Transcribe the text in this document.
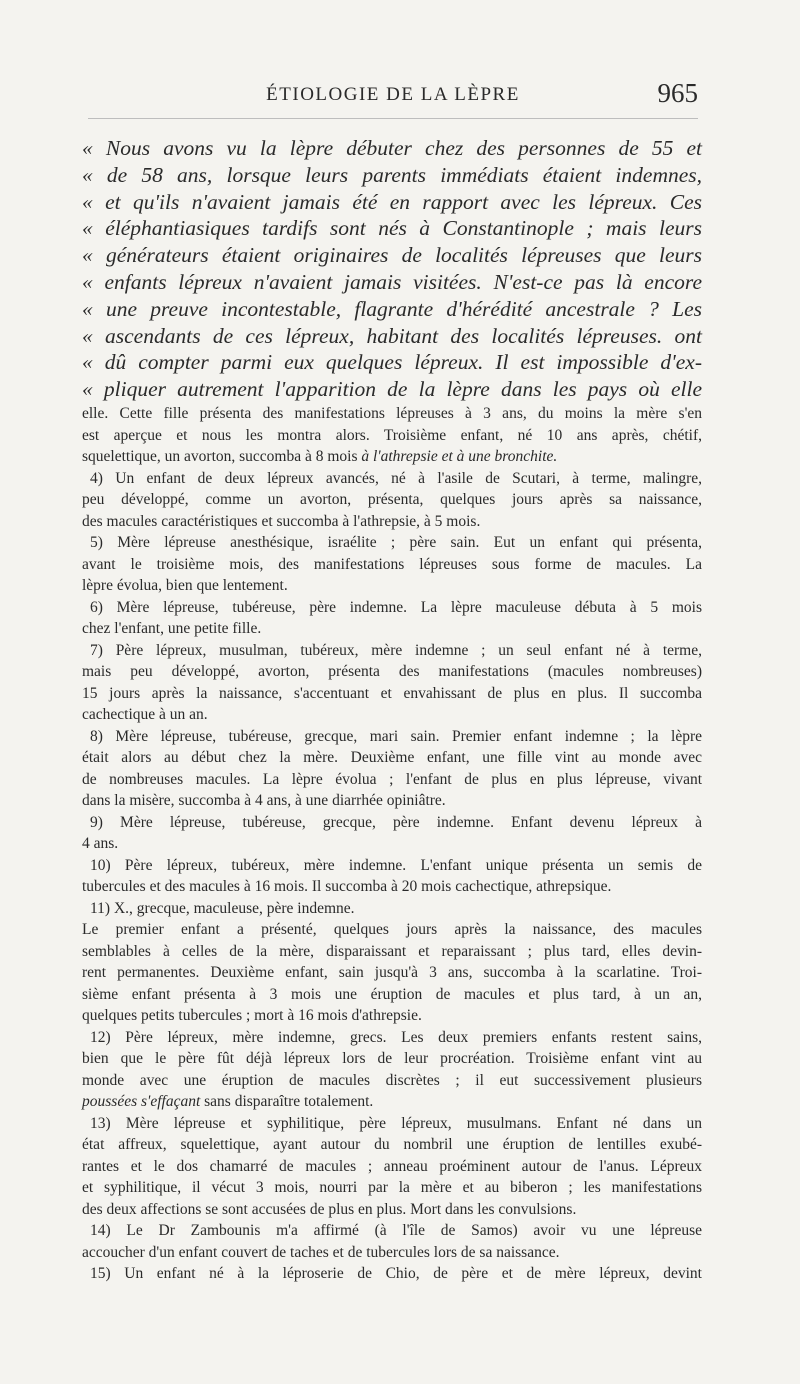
ÉTIOLOGIE DE LA LÈPRE	965
« Nous avons vu la lèpre débuter chez des personnes de 55 et
« de 58 ans, lorsque leurs parents immédiats étaient indemnes,
« et qu'ils n'avaient jamais été en rapport avec les lépreux. Ces
« éléphantiasiques tardifs sont nés à Constantinople ; mais leurs
« générateurs étaient originaires de localités lépreuses que leurs
« enfants lépreux n'avaient jamais visitées. N'est-ce pas là encore
« une preuve incontestable, flagrante d'hérédité ancestrale ? Les
« ascendants de ces lépreux, habitant des localités lépreuses. ont
« dû compter parmi eux quelques lépreux. Il est impossible d'ex-
« pliquer autrement l'apparition de la lèpre dans les pays où elle
elle. Cette fille présenta des manifestations lépreuses à 3 ans, du moins la mère s'en
est aperçue et nous les montra alors. Troisième enfant, né 10 ans après, chétif,
squelettique, un avorton, succomba à 8 mois à l'athrepsie et à une bronchite.
4) Un enfant de deux lépreux avancés, né à l'asile de Scutari, à terme, malingre,
peu développé, comme un avorton, présenta, quelques jours après sa naissance,
des macules caractéristiques et succomba à l'athrepsie, à 5 mois.
5) Mère lépreuse anesthésique, israélite ; père sain. Eut un enfant qui présenta,
avant le troisième mois, des manifestations lépreuses sous forme de macules. La
lèpre évolua, bien que lentement.
6) Mère lépreuse, tubéreuse, père indemne. La lèpre maculeuse débuta à 5 mois
chez l'enfant, une petite fille.
7) Père lépreux, musulman, tubéreux, mère indemne ; un seul enfant né à terme,
mais peu développé, avorton, présenta des manifestations (macules nombreuses)
15 jours après la naissance, s'accentuant et envahissant de plus en plus. Il succomba
cachectique à un an.
8) Mère lépreuse, tubéreuse, grecque, mari sain. Premier enfant indemne ; la lèpre
était alors au début chez la mère. Deuxième enfant, une fille vint au monde avec
de nombreuses macules. La lèpre évolua ; l'enfant de plus en plus lépreuse, vivant
dans la misère, succomba à 4 ans, à une diarrhée opiniâtre.
9) Mère lépreuse, tubéreuse, grecque, père indemne. Enfant devenu lépreux à
4 ans.
10) Père lépreux, tubéreux, mère indemne. L'enfant unique présenta un semis de
tubercules et des macules à 16 mois. Il succomba à 20 mois cachectique, athrepsique.
11) X., grecque, maculeuse, père indemne.
Le premier enfant a présenté, quelques jours après la naissance, des macules
semblables à celles de la mère, disparaissant et reparaissant ; plus tard, elles devin-
rent permanentes. Deuxième enfant, sain jusqu'à 3 ans, succomba à la scarlatine. Troi-
sième enfant présenta à 3 mois une éruption de macules et plus tard, à un an,
quelques petits tubercules ; mort à 16 mois d'athrepsie.
12) Père lépreux, mère indemne, grecs. Les deux premiers enfants restent sains,
bien que le père fût déjà lépreux lors de leur procréation. Troisième enfant vint au
monde avec une éruption de macules discrètes ; il eut successivement plusieurs
poussées s'effaçant sans disparaître totalement.
13) Mère lépreuse et syphilitique, père lépreux, musulmans. Enfant né dans un
état affreux, squelettique, ayant autour du nombril une éruption de lentilles exubé-
rantes et le dos chamarré de macules ; anneau proéminent autour de l'anus. Lépreux
et syphilitique, il vécut 3 mois, nourri par la mère et au biberon ; les manifestations
des deux affections se sont accusées de plus en plus. Mort dans les convulsions.
14) Le Dr Zambounis m'a affirmé (à l'île de Samos) avoir vu une lépreuse
accoucher d'un enfant couvert de taches et de tubercules lors de sa naissance.
15) Un enfant né à la léproserie de Chio, de père et de mère lépreux, devint
